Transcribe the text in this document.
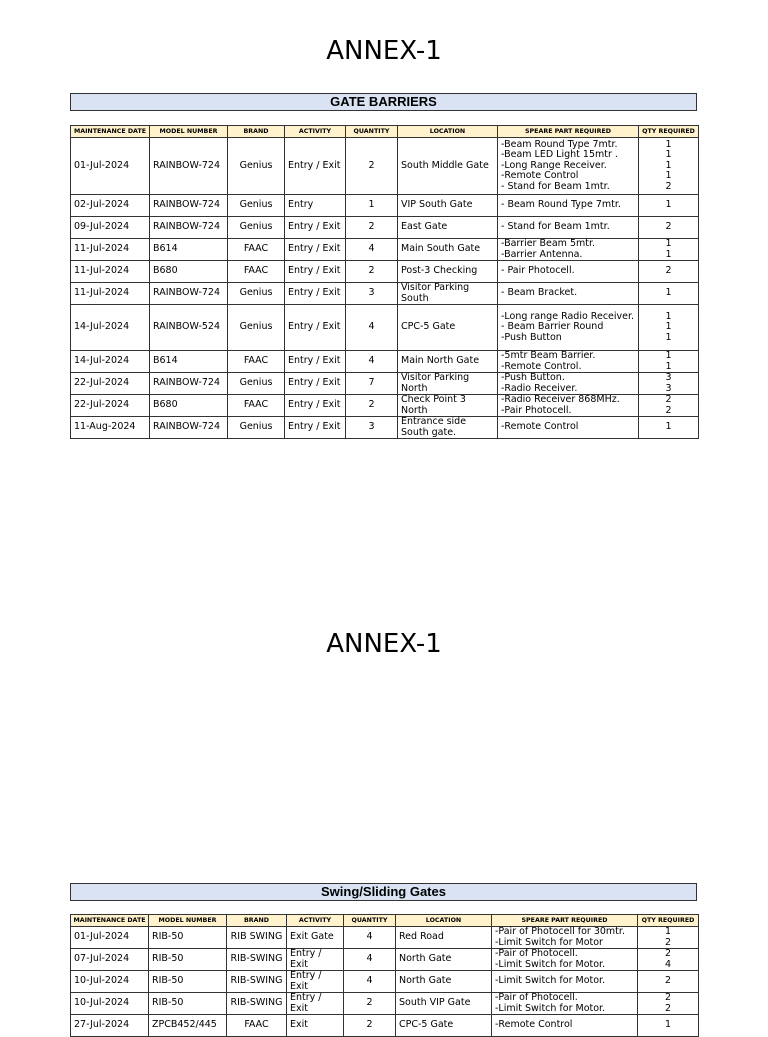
ANNEX-1
GATE BARRIERS
MAINTENANCE DATE	MODEL NUMBER	BRAND	ACTIVITY	QUANTITY	LOCATION	SPEARE PART REQUIRED	QTY REQUIRED
01-Jul-2024	RAINBOW-724	Genius	Entry / Exit	2	South Middle Gate	-Beam Round Type 7mtr.
-Beam LED Light 15mtr .
-Long Range Receiver.
-Remote Control
- Stand for Beam 1mtr.	1
1
1
1
2

02-Jul-2024	RAINBOW-724	Genius	Entry	1	VIP South Gate	- Beam Round Type 7mtr.	1

09-Jul-2024	RAINBOW-724	Genius	Entry / Exit	2	East Gate	- Stand for Beam 1mtr.	2

11-Jul-2024	B614	FAAC	Entry / Exit	4	Main South Gate	-Barrier Beam 5mtr.
-Barrier Antenna.	1
1

11-Jul-2024	B680	FAAC	Entry / Exit	2	Post-3 Checking	- Pair Photocell.	2

11-Jul-2024	RAINBOW-724	Genius	Entry / Exit	3	Visitor Parking South	- Beam Bracket.	1

14-Jul-2024	RAINBOW-524	Genius	Entry / Exit	4	CPC-5 Gate	-Long range Radio Receiver.
- Beam Barrier Round
-Push Button	1
1
1

14-Jul-2024	B614	FAAC	Entry / Exit	4	Main North Gate	-5mtr Beam Barrier.
-Remote Control.	1
1

22-Jul-2024	RAINBOW-724	Genius	Entry / Exit	7	Visitor Parking North	-Push Button.
-Radio Receiver.	3
3

22-Jul-2024	B680	FAAC	Entry / Exit	2	Check Point 3 North	-Radio Receiver 868MHz.
-Pair Photocell.	2
2

11-Aug-2024	RAINBOW-724	Genius	Entry / Exit	3	Entrance side South gate.	-Remote Control	1
ANNEX-1
Swing/Sliding Gates
MAINTENANCE DATE	MODEL NUMBER	BRAND	ACTIVITY	QUANTITY	LOCATION	SPEARE PART REQUIRED	QTY REQUIRED
01-Jul-2024	RIB-50	RIB SWING	Exit Gate	4	Red Road	-Pair of Photocell for 30mtr.
-Limit Switch for Motor	1
2

07-Jul-2024	RIB-50	RIB-SWING	Entry / Exit	4	North Gate	-Pair of Photocell.
-Limit Switch for Motor.	2
4

10-Jul-2024	RIB-50	RIB-SWING	Entry / Exit	4	North Gate	-Limit Switch for Motor.	2

10-Jul-2024	RIB-50	RIB-SWING	Entry / Exit	2	South VIP Gate	-Pair of Photocell.
-Limit Switch for Motor.	2
2

27-Jul-2024	ZPCB452/445	FAAC	Exit	2	CPC-5 Gate	-Remote Control	1
